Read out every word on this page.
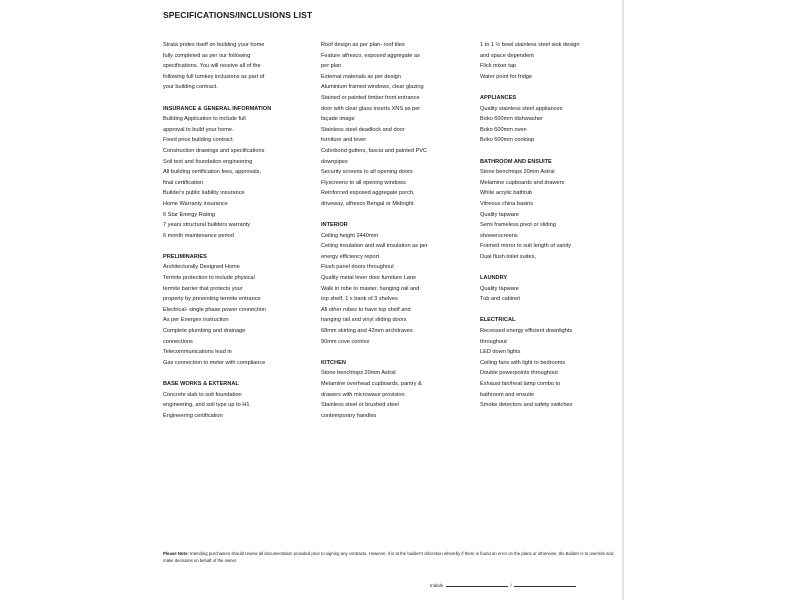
SPECIFICATIONS/INCLUSIONS LIST
Strata prides itself on building your home
fully completed as per our following
specifications. You will receive all of the
following full turnkey inclusions as part of
your building contract.
INSURANCE & GENERAL INFORMATION
Building Application to include full
approval to build your home.
Fixed price building contract
Construction drawings and specifications
Soil test and foundation engineering
All building certification fees, approvals,
final certification
Builder's public liability insurance
Home Warranty insurance
6 Star Energy Rating
7 years structural builders warranty
6 month maintenance period
PRELIMINARIES
Architecturally Designed Home
Termite protection to include physical
termite barrier that protects your
property by preventing termite entrance
Electrical- single phase power connection
As per Energex instruction
Complete plumbing and drainage
connections
Telecommunications lead in
Gas connection to meter with compliance
BASE WORKS & EXTERNAL
Concrete slab to suit foundation
engineering, and soil type up to H1
Engineering certification
Roof design as per plan- roof tiles
Feature alfresco, exposed aggregate as
per plan
External materials as per design
Aluminium framed windows, clear glazing
Stained or painted timber front entrance
door with clear glass inserts XNS as per
façade image
Stainless steel deadlock and door
furniture and lever
Colorbond gutters, fascia and painted PVC
downpipes
Security screens to all opening doors
Flyscreens to all opening windows
Reinforced exposed aggregate porch,
driveway, alfresco Bengal or Midnight
INTERIOR
Ceiling height 2440mm
Ceiling insulation and wall insulation as per
energy efficiency report
Flush panel doors throughout
Quality metal lever door furniture Lane
Walk in robe to master, hanging rail and
top shelf, 1 x bank of 3 shelves
All other robes to have top shelf and
hanging rail and vinyl sliding doors
68mm skirting and 42mm architraves
90mm cove cornice
KITCHEN
Stone benchtops 20mm Astral
Melamine overhead cupboards, pantry &
drawers with microwave provision
Stainless steel or brushed steel
contemporary handles
1 to 1 ½ bowl stainless steel sink design
and space dependent
Flick mixer tap
Water point for fridge
APPLIANCES
Quality stainless steel appliances
Boko 600mm dishwasher
Boko 600mm oven
Boko 600mm cooktop
BATHROOM AND ENSUITE
Stone benchtops 20mm Astral
Melamine cupboards and drawers
White acrylic bathtub
Vitreous china basins
Quality tapware
Semi frameless pivot or sliding
showerscreens
Framed mirror to suit length of vanity
Dual flush toilet suites,
LAUNDRY
Quality tapware
Tub and cabinet
ELECTRICAL
Recessed energy efficient downlights
throughout
LED down lights
Ceiling fans with light to bedrooms
Double powerpoints throughout
Exhaust fan/heat lamp combo to
bathroom and ensuite
Smoke detectors and safety switches
Please Note: Intending purchasers should review all documentation provided prior to signing any contracts. However, it is at the builder's discretion whereby if there is found an error on the plans or otherwise, the Builder is to override and make decisions on behalf of the owner.
Initials	/
